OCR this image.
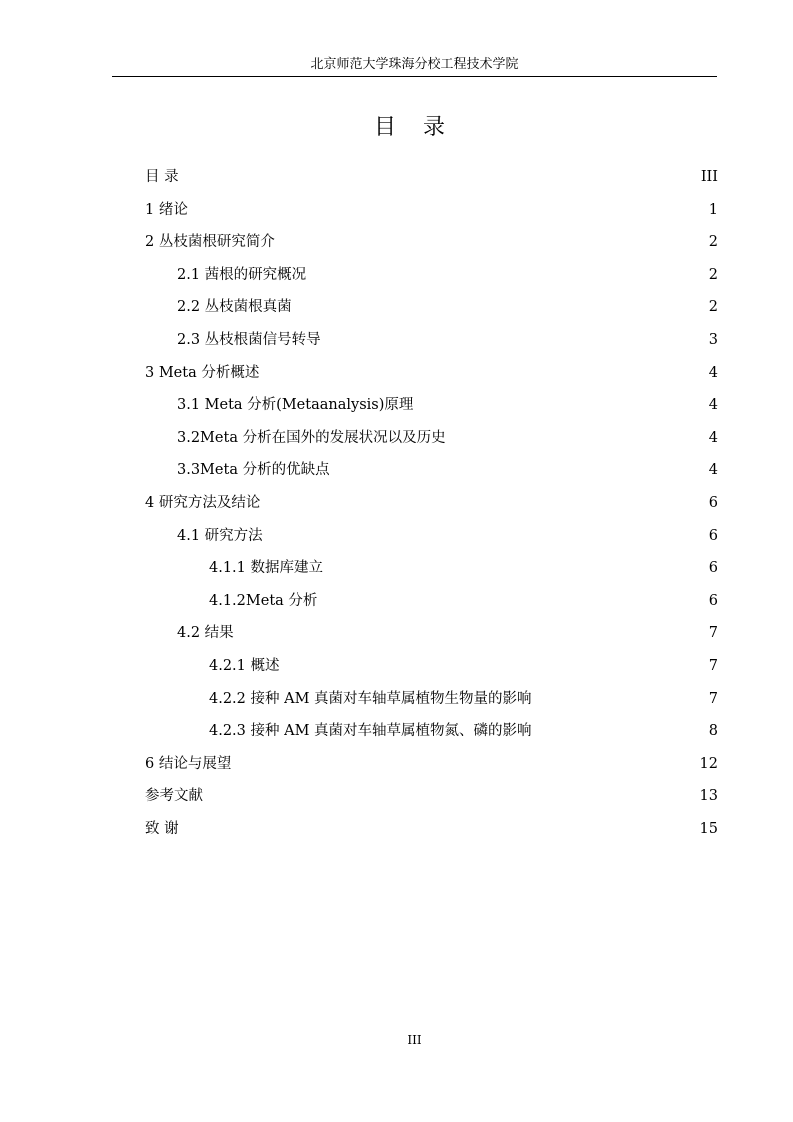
北京师范大学珠海分校工程技术学院
目 录
目 录	III
1 绪论	1
2 丛枝菌根研究简介	2
2.1 茜根的研究概况	2
2.2 丛枝菌根真菌	2
2.3 丛枝根菌信号转导	3
3 Meta 分析概述	4
3.1 Meta 分析(Metaanalysis)原理	4
3.2Meta 分析在国外的发展状况以及历史	4
3.3Meta 分析的优缺点	4
4 研究方法及结论	6
4.1 研究方法	6
4.1.1 数据库建立	6
4.1.2Meta 分析	6
4.2 结果	7
4.2.1 概述	7
4.2.2 接种 AM 真菌对车轴草属植物生物量的影响	7
4.2.3 接种 AM 真菌对车轴草属植物氮、磷的影响	8
6 结论与展望	12
参考文献	13
致 谢	15
III
